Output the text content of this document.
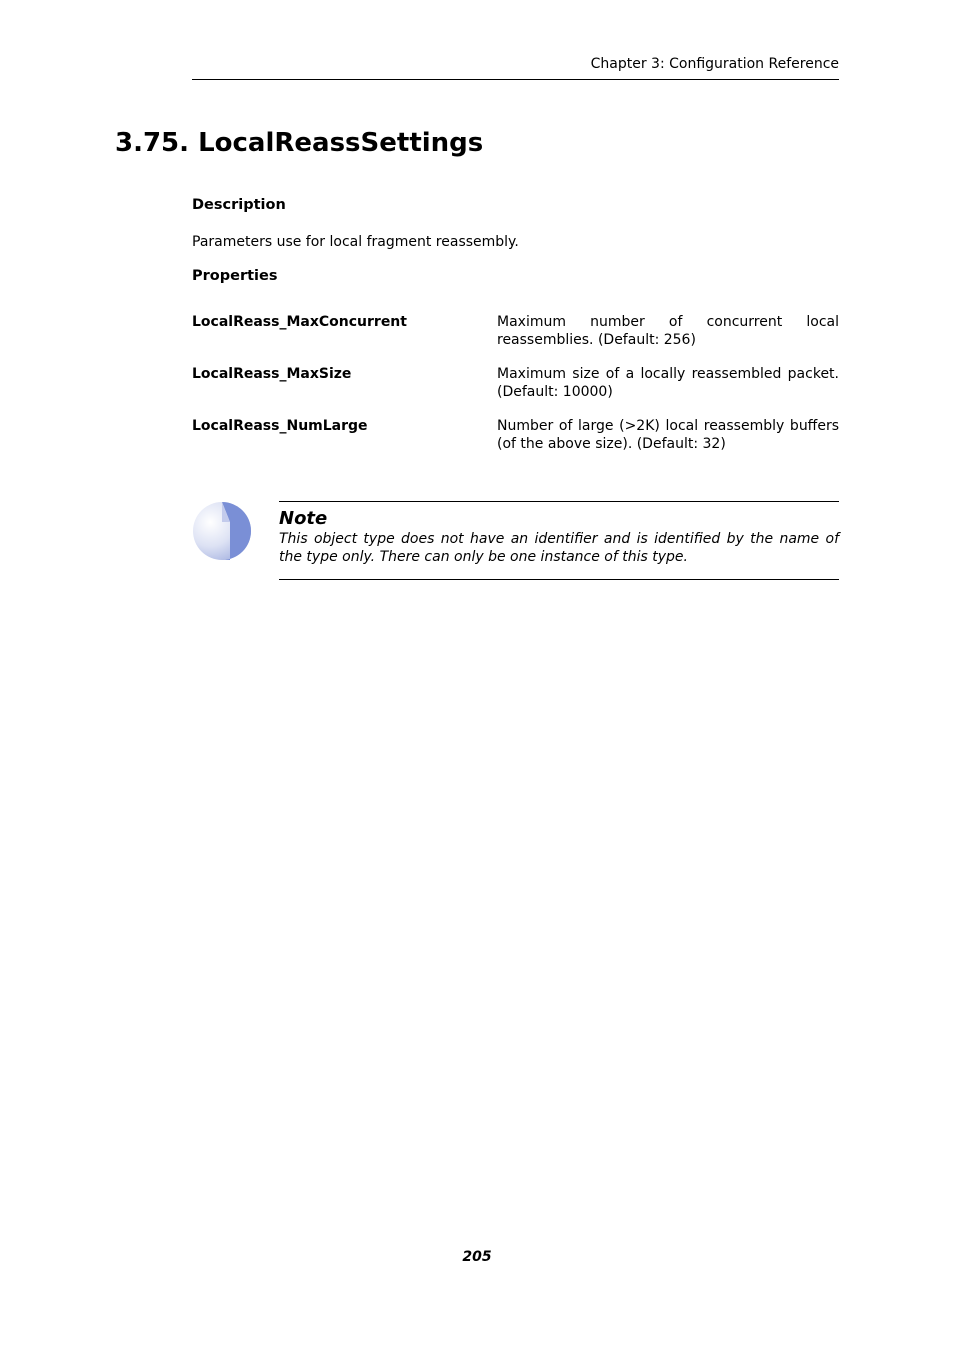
Chapter 3: Configuration Reference
3.75. LocalReassSettings
Description

Parameters use for local fragment reassembly.

Properties
LocalReass_MaxConcurrent	Maximum number of concurrent local reassemblies. (Default: 256)
LocalReass_MaxSize	Maximum size of a locally reassembled packet. (Default: 10000)
LocalReass_NumLarge	Number of large (>2K) local reassembly buffers (of the above size). (Default: 32)
Note
This object type does not have an identifier and is identified by the name of the type only. There can only be one instance of this type.
205
